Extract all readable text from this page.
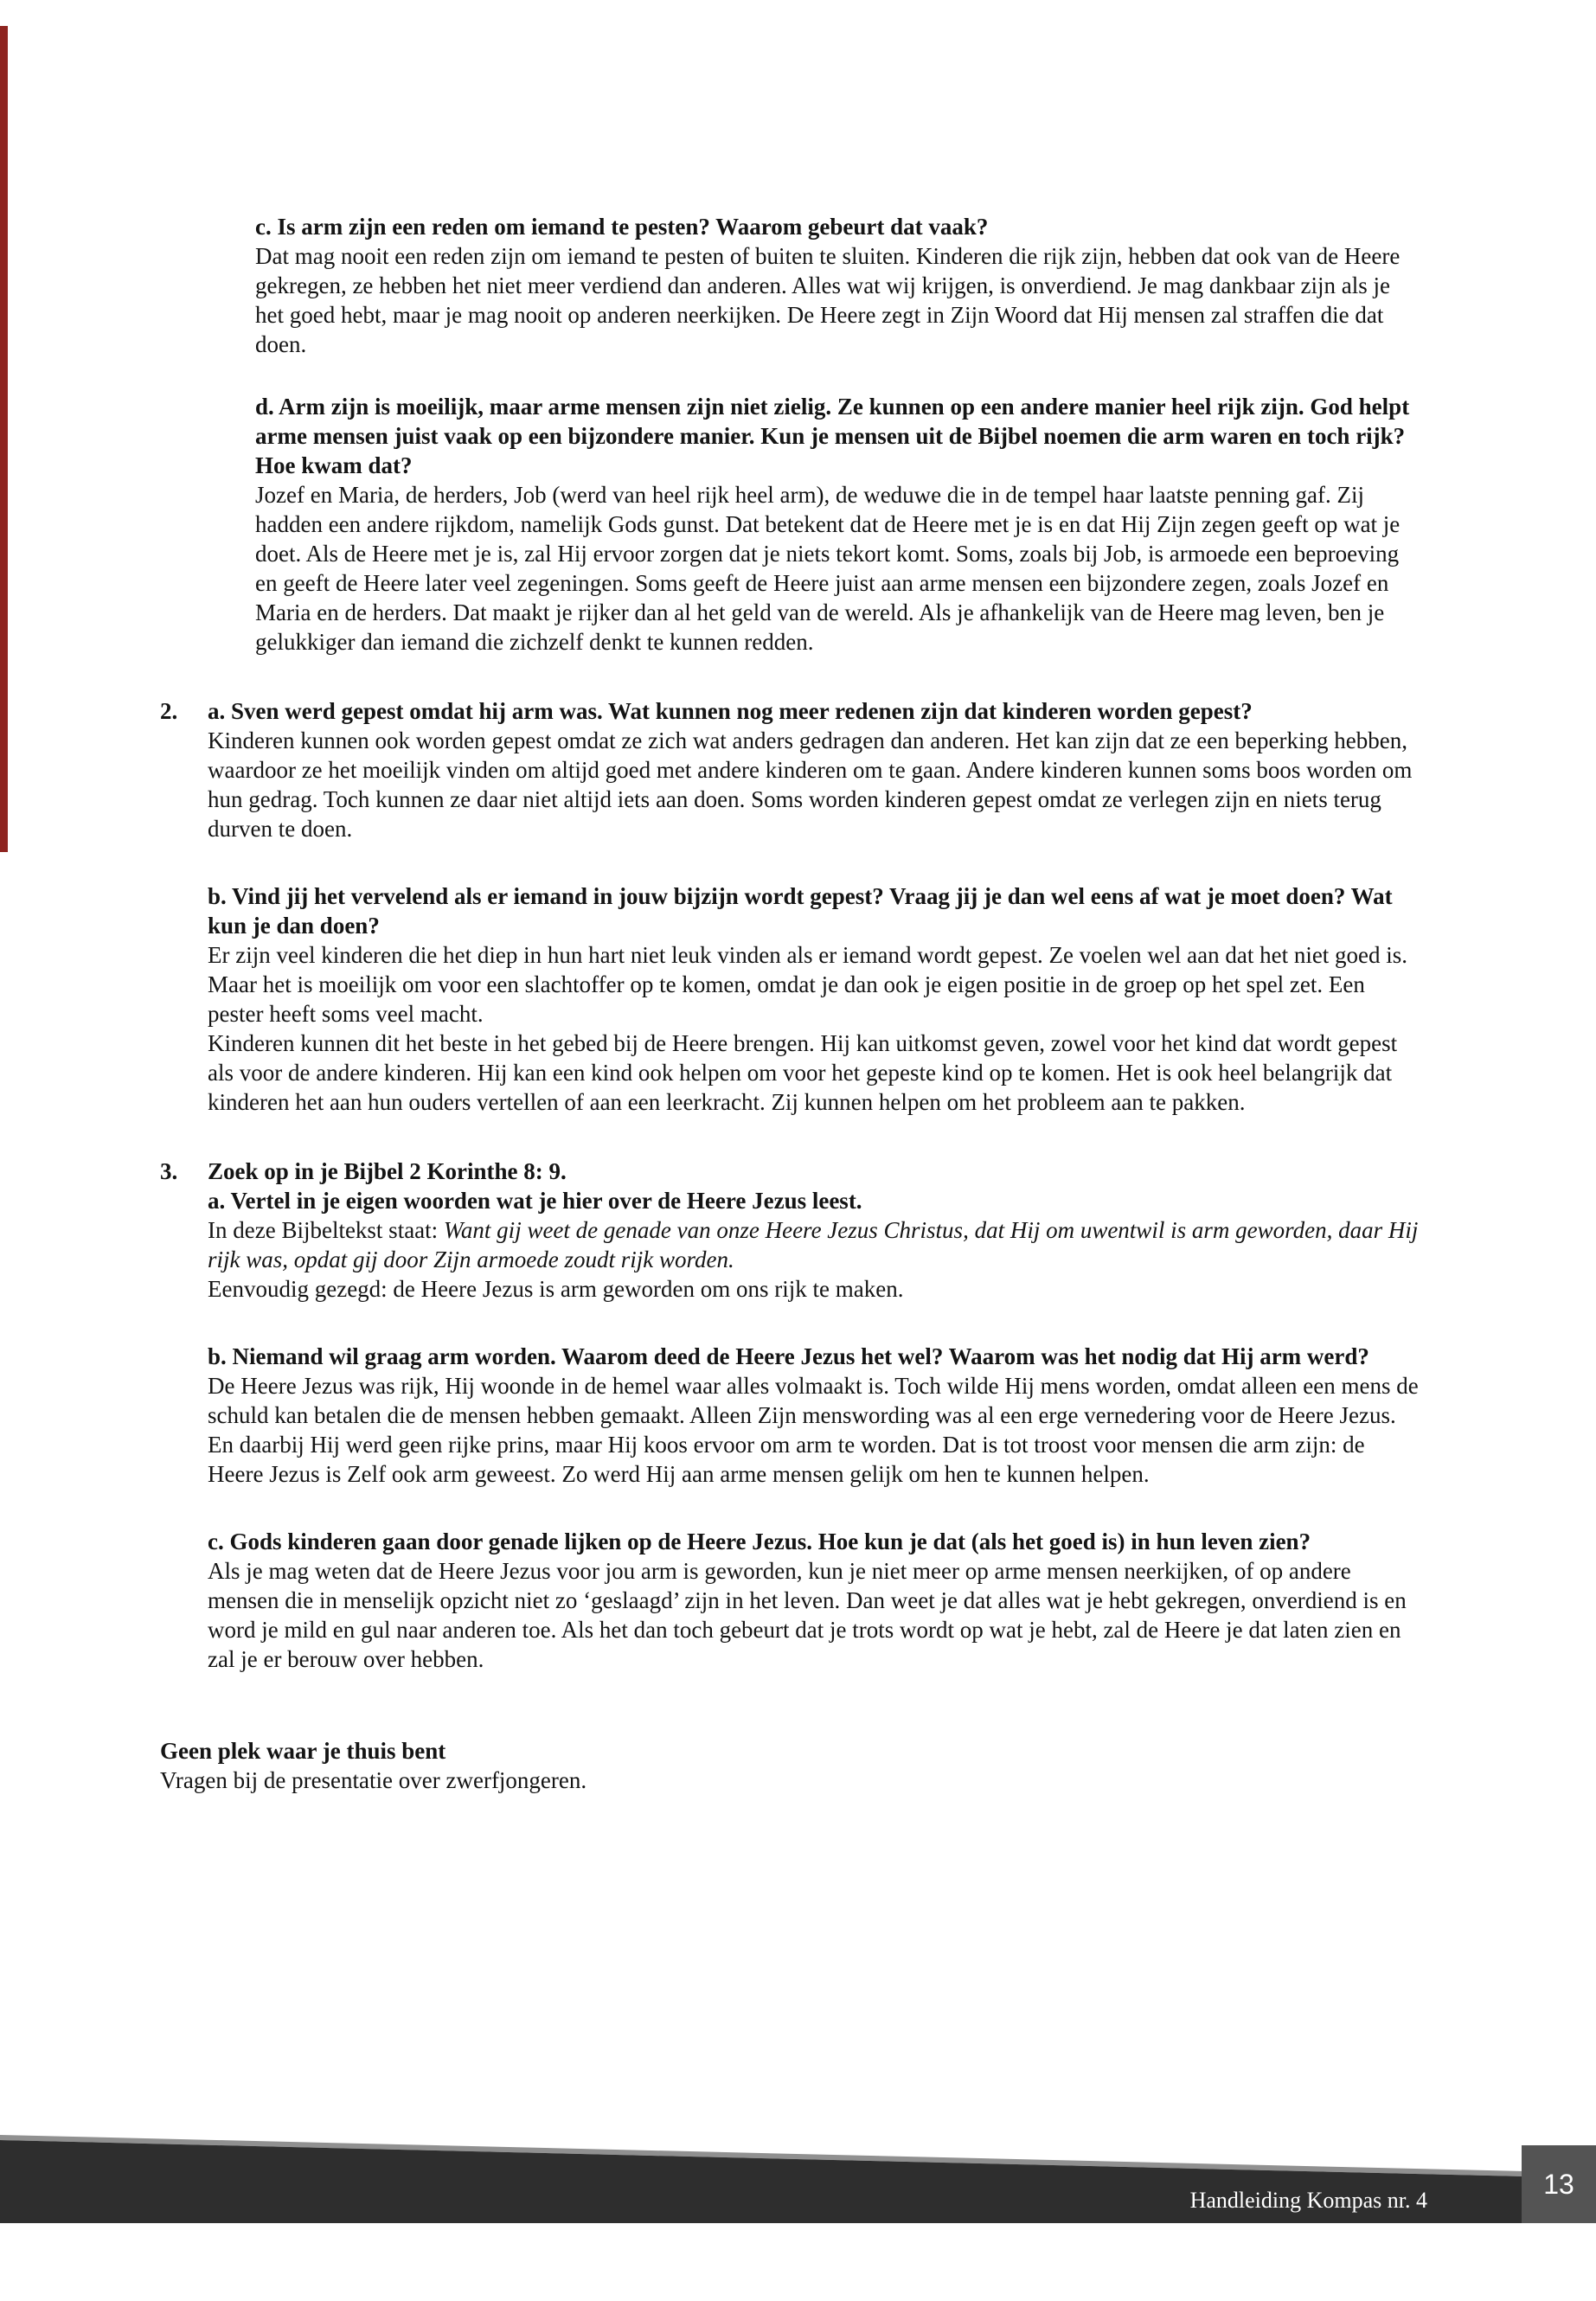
c. Is arm zijn een reden om iemand te pesten? Waarom gebeurt dat vaak?

Dat mag nooit een reden zijn om iemand te pesten of buiten te sluiten. Kinderen die rijk zijn, hebben dat ook van de Heere gekregen, ze hebben het niet meer verdiend dan anderen. Alles wat wij krijgen, is onverdiend. Je mag dankbaar zijn als je het goed hebt, maar je mag nooit op anderen neerkijken. De Heere zegt in Zijn Woord dat Hij mensen zal straffen die dat doen.

d. Arm zijn is moeilijk, maar arme mensen zijn niet zielig. Ze kunnen op een andere manier heel rijk zijn. God helpt arme mensen juist vaak op een bijzondere manier. Kun je mensen uit de Bijbel noemen die arm waren en toch rijk? Hoe kwam dat?

Jozef en Maria, de herders, Job (werd van heel rijk heel arm), de weduwe die in de tempel haar laatste penning gaf. Zij hadden een andere rijkdom, namelijk Gods gunst. Dat betekent dat de Heere met je is en dat Hij Zijn zegen geeft op wat je doet. Als de Heere met je is, zal Hij ervoor zorgen dat je niets tekort komt. Soms, zoals bij Job, is armoede een beproeving en geeft de Heere later veel zegeningen. Soms geeft de Heere juist aan arme mensen een bijzondere zegen, zoals Jozef en Maria en de herders. Dat maakt je rijker dan al het geld van de wereld. Als je afhankelijk van de Heere mag leven, ben je gelukkiger dan iemand die zichzelf denkt te kunnen redden.

2.	a. Sven werd gepest omdat hij arm was. Wat kunnen nog meer redenen zijn dat kinderen worden gepest?

Kinderen kunnen ook worden gepest omdat ze zich wat anders gedragen dan anderen. Het kan zijn dat ze een beperking hebben, waardoor ze het moeilijk vinden om altijd goed met andere kinderen om te gaan. Andere kinderen kunnen soms boos worden om hun gedrag. Toch kunnen ze daar niet altijd iets aan doen. Soms worden kinderen gepest omdat ze verlegen zijn en niets terug durven te doen.

b. Vind jij het vervelend als er iemand in jouw bijzijn wordt gepest? Vraag jij je dan wel eens af wat je moet doen? Wat kun je dan doen?

Er zijn veel kinderen die het diep in hun hart niet leuk vinden als er iemand wordt gepest. Ze voelen wel aan dat het niet goed is. Maar het is moeilijk om voor een slachtoffer op te komen, omdat je dan ook je eigen positie in de groep op het spel zet. Een pester heeft soms veel macht.

Kinderen kunnen dit het beste in het gebed bij de Heere brengen. Hij kan uitkomst geven, zowel voor het kind dat wordt gepest als voor de andere kinderen. Hij kan een kind ook helpen om voor het gepeste kind op te komen. Het is ook heel belangrijk dat kinderen het aan hun ouders vertellen of aan een leerkracht. Zij kunnen helpen om het probleem aan te pakken.

3.	Zoek op in je Bijbel 2 Korinthe 8: 9.
a. Vertel in je eigen woorden wat je hier over de Heere Jezus leest.

In deze Bijbeltekst staat: Want gij weet de genade van onze Heere Jezus Christus, dat Hij om uwentwil is arm geworden, daar Hij rijk was, opdat gij door Zijn armoede zoudt rijk worden.

Eenvoudig gezegd: de Heere Jezus is arm geworden om ons rijk te maken.

b. Niemand wil graag arm worden. Waarom deed de Heere Jezus het wel? Waarom was het nodig dat Hij arm werd?

De Heere Jezus was rijk, Hij woonde in de hemel waar alles volmaakt is. Toch wilde Hij mens worden, omdat alleen een mens de schuld kan betalen die de mensen hebben gemaakt. Alleen Zijn menswording was al een erge vernedering voor de Heere Jezus. En daarbij Hij werd geen rijke prins, maar Hij koos ervoor om arm te worden. Dat is tot troost voor mensen die arm zijn: de Heere Jezus is Zelf ook arm geweest. Zo werd Hij aan arme mensen gelijk om hen te kunnen helpen.

c. Gods kinderen gaan door genade lijken op de Heere Jezus. Hoe kun je dat (als het goed is) in hun leven zien?

Als je mag weten dat de Heere Jezus voor jou arm is geworden, kun je niet meer op arme mensen neerkijken, of op andere mensen die in menselijk opzicht niet zo ‘geslaagd’ zijn in het leven. Dan weet je dat alles wat je hebt gekregen, onverdiend is en word je mild en gul naar anderen toe. Als het dan toch gebeurt dat je trots wordt op wat je hebt, zal de Heere je dat laten zien en zal je er berouw over hebben.

Geen plek waar je thuis bent

Vragen bij de presentatie over zwerfjongeren.

Handleiding Kompas nr. 4
13
